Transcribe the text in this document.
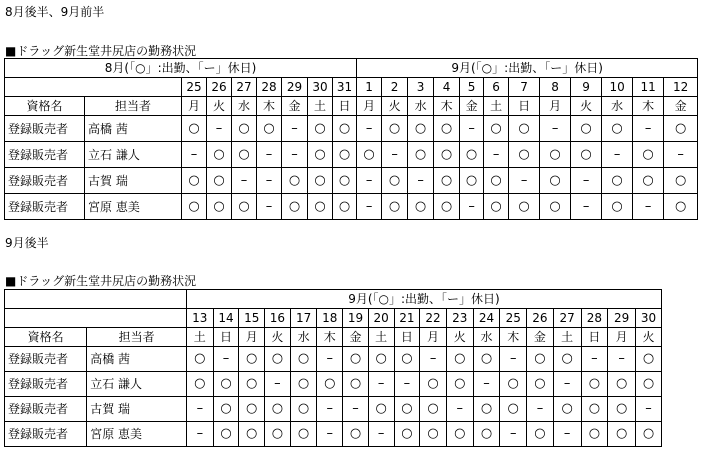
8月後半、9月前半
■ドラッグ新生堂井尻店の勤務状況
8月(「○」:出勤、「ー」休日)									9月(「○」:出勤、「ー」休日)											
		25	26	27	28	29	30	31	1	2	3	4	5	6	7	8	9	10	11	12
資格名	担当者	月	火	水	木	金	土	日	月	火	水	木	金	土	日	月	火	水	木	金
登録販売者	高橋 茜	○	–	○	○	–	○	○	–	○	○	○	–	○	○	–	○	○	–	○
登録販売者	立石 謙人	–	○	○	–	–	○	○	○	–	○	○	○	–	○	○	○	–	○	–
登録販売者	古賀 瑞	○	○	–	–	○	○	○	–	○	–	○	○	○	–	○	–	○	○	○
登録販売者	宮原 恵美	○	○	○	–	○	○	○	–	○	○	○	–	○	○	○	–	○	–	○
9月後半
■ドラッグ新生堂井尻店の勤務状況
		9月(「○」:出勤、「ー」休日)																	
		13	14	15	16	17	18	19	20	21	22	23	24	25	26	27	28	29	30
資格名	担当者	土	日	月	火	水	木	金	土	日	月	火	水	木	金	土	日	月	火
登録販売者	高橋 茜	○	–	○	○	○	–	○	○	○	–	○	○	–	○	○	–	–	○
登録販売者	立石 謙人	○	○	○	–	○	○	○	–	–	○	○	–	○	○	–	○	○	○
登録販売者	古賀 瑞	–	○	○	○	○	–	–	○	○	○	–	○	○	–	○	○	○	–
登録販売者	宮原 恵美	–	○	○	○	○	–	○	–	○	○	○	○	–	○	–	○	○	○
